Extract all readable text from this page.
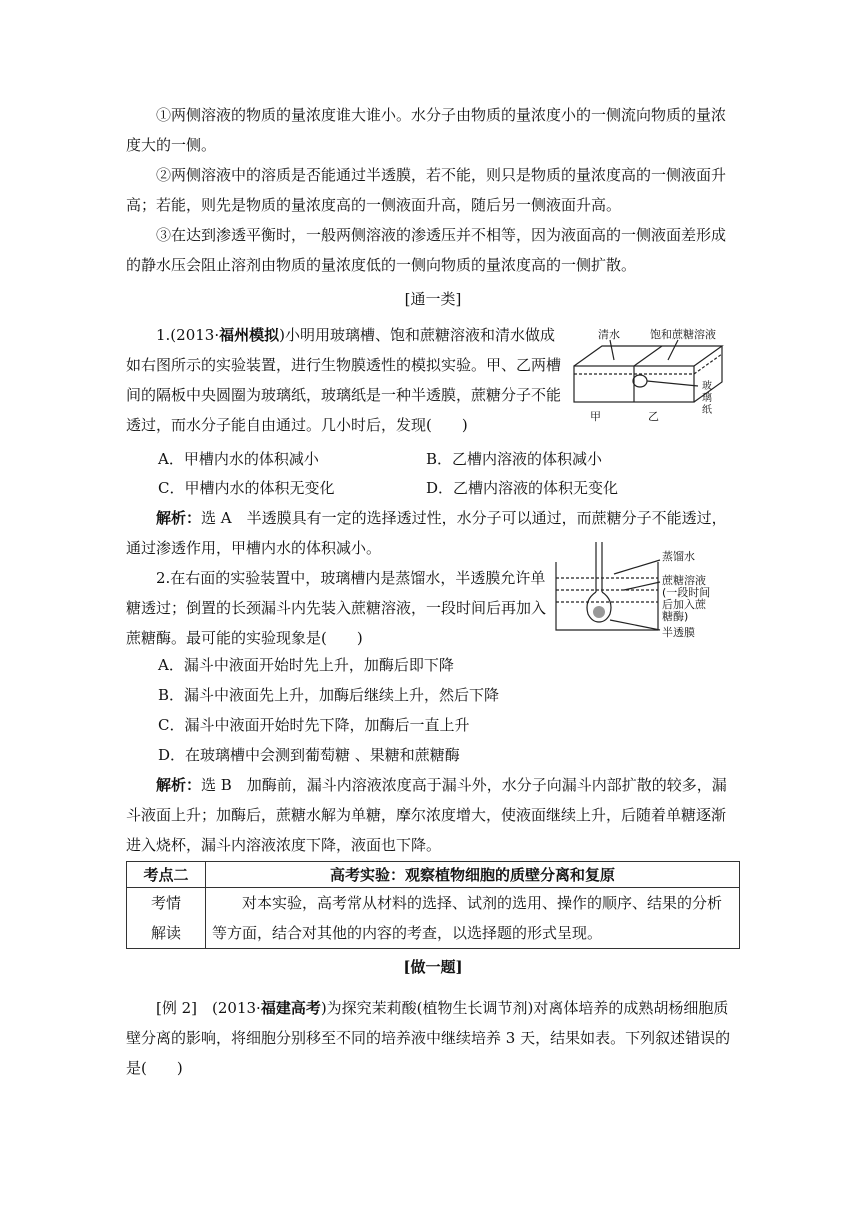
①两侧溶液的物质的量浓度谁大谁小。水分子由物质的量浓度小的一侧流向物质的量浓度大的一侧。
②两侧溶液中的溶质是否能通过半透膜，若不能，则只是物质的量浓度高的一侧液面升高；若能，则先是物质的量浓度高的一侧液面升高，随后另一侧液面升高。
③在达到渗透平衡时，一般两侧溶液的渗透压并不相等，因为液面高的一侧液面差形成的静水压会阻止溶剂由物质的量浓度低的一侧向物质的量浓度高的一侧扩散。
[通一类]
1.(2013·福州模拟)小明用玻璃槽、饱和蔗糖溶液和清水做成如右图所示的实验装置，进行生物膜透性的模拟实验。甲、乙两槽间的隔板中央圆圈为玻璃纸，玻璃纸是一种半透膜，蔗糖分子不能透过，而水分子能自由通过。几小时后，发现(　　)
清水	饱和蔗糖溶液
玻
璃
纸
甲	乙
A．甲槽内水的体积减小	B．乙槽内溶液的体积减小
C．甲槽内水的体积无变化	D．乙槽内溶液的体积无变化
解析：选 A　半透膜具有一定的选择透过性，水分子可以通过，而蔗糖分子不能透过，通过渗透作用，甲槽内水的体积减小。
2.在右面的实验装置中，玻璃槽内是蒸馏水，半透膜允许单糖透过；倒置的长颈漏斗内先装入蔗糖溶液，一段时间后再加入蔗糖酶。最可能的实验现象是(　　)
蒸馏水
蔗糖溶液
(一段时间
后加入蔗
糖酶)
半透膜
A．漏斗中液面开始时先上升，加酶后即下降
B．漏斗中液面先上升，加酶后继续上升，然后下降
C．漏斗中液面开始时先下降，加酶后一直上升
D．在玻璃槽中会测到葡萄糖 、果糖和蔗糖酶
解析：选 B　加酶前，漏斗内溶液浓度高于漏斗外，水分子向漏斗内部扩散的较多，漏斗液面上升；加酶后，蔗糖水解为单糖，摩尔浓度增大，使液面继续上升，后随着单糖逐渐进入烧杯，漏斗内溶液浓度下降，液面也下降。
考点二	高考实验：观察植物细胞的质壁分离和复原

考情
解读	对本实验，高考常从材料的选择、试剂的选用、操作的顺序、结果的分析等方面，结合对其他的内容的考查，以选择题的形式呈现。
[做一题]
[例 2]　(2013·福建高考)为探究茉莉酸(植物生长调节剂)对离体培养的成熟胡杨细胞质壁分离的影响，将细胞分别移至不同的培养液中继续培养 3 天，结果如表。下列叙述错误的是(　　)
